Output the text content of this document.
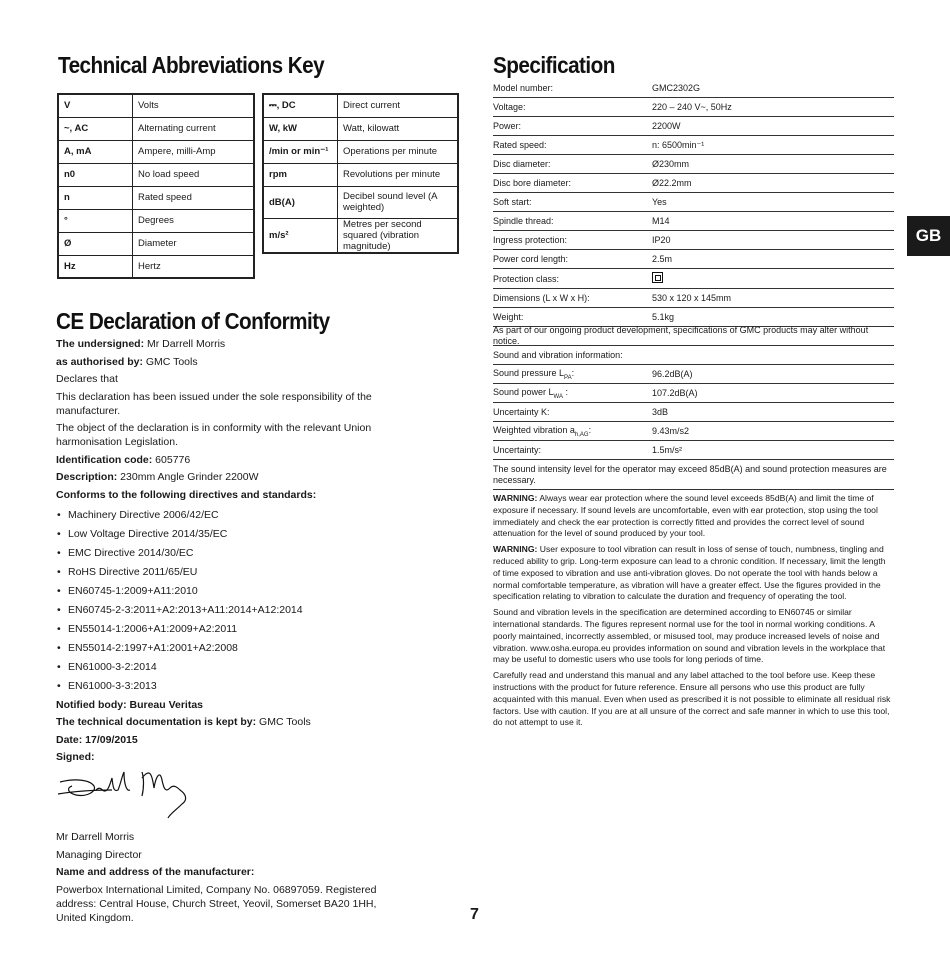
Technical Abbreviations Key
CE Declaration of Conformity
Specification
V	Volts
~, AC	Alternating current
A, mA	Ampere, milli-Amp
n0	No load speed
n	Rated speed
°	Degrees
Ø	Diameter
Hz	Hertz
⎓, DC	Direct current
W, kW	Watt, kilowatt
/min or min⁻¹	Operations per minute
rpm	Revolutions per minute
dB(A)	Decibel sound level (A weighted)
m/s²	Metres per second squared (vibration magnitude)

The undersigned: Mr Darrell Morris

as authorised by: GMC Tools

Declares that

This declaration has been issued under the sole responsibility of the manufacturer.

The object of the declaration is in conformity with the relevant Union harmonisation Legislation.

Identification code: 605776

Description: 230mm Angle Grinder 2200W

Conforms to the following directives and standards:

• Machinery Directive 2006/42/EC
• Low Voltage Directive 2014/35/EC
• EMC Directive 2014/30/EC
• RoHS Directive 2011/65/EU
• EN60745-1:2009+A11:2010
• EN60745-2-3:2011+A2:2013+A11:2014+A12:2014
• EN55014-1:2006+A1:2009+A2:2011
• EN55014-2:1997+A1:2001+A2:2008
• EN61000-3-2:2014
• EN61000-3-3:2013

Notified body: Bureau Veritas

The technical documentation is kept by: GMC Tools

Date: 17/09/2015

Signed:

Mr Darrell Morris

Managing Director

Name and address of the manufacturer:

Powerbox International Limited, Company No. 06897059. Registered address: Central House, Church Street, Yeovil, Somerset BA20 1HH, United Kingdom.

Model number:	GMC2302G
Voltage:	220 – 240 V~, 50Hz
Power:	2200W
Rated speed:	n: 6500min⁻¹
Disc diameter:	Ø230mm
Disc bore diameter:	Ø22.2mm
Soft start:	Yes
Spindle thread:	M14
Ingress protection:	IP20
Power cord length:	2.5m
Protection class:
Dimensions (L x W x H):	530 x 120 x 145mm
Weight:	5.1kg
As part of our ongoing product development, specifications of GMC products may alter without notice.
Sound and vibration information:
Sound pressure $L_{PA}$:	96.2dB(A)
Sound power $L_{WA}$ :	107.2dB(A)
Uncertainty K:	3dB
Weighted vibration $a_{h,AG}$:	9.43m/s2
Uncertainty:	1.5m/s²
The sound intensity level for the operator may exceed 85dB(A) and sound protection measures are necessary.

WARNING: Always wear ear protection where the sound level exceeds 85dB(A) and limit the time of exposure if necessary. If sound levels are uncomfortable, even with ear protection, stop using the tool immediately and check the ear protection is correctly fitted and provides the correct level of sound attenuation for the level of sound produced by your tool.

WARNING: User exposure to tool vibration can result in loss of sense of touch, numbness, tingling and reduced ability to grip. Long-term exposure can lead to a chronic condition. If necessary, limit the length of time exposed to vibration and use anti-vibration gloves. Do not operate the tool with hands below a normal comfortable temperature, as vibration will have a greater effect. Use the figures provided in the specification relating to vibration to calculate the duration and frequency of operating the tool.

Sound and vibration levels in the specification are determined according to EN60745 or similar international standards. The figures represent normal use for the tool in normal working conditions. A poorly maintained, incorrectly assembled, or misused tool, may produce increased levels of noise and vibration. www.osha.europa.eu provides information on sound and vibration levels in the workplace that may be useful to domestic users who use tools for long periods of time.

Carefully read and understand this manual and any label attached to the tool before use. Keep these instructions with the product for future reference. Ensure all persons who use this product are fully acquainted with this manual. Even when used as prescribed it is not possible to eliminate all residual risk factors. Use with caution. If you are at all unsure of the correct and safe manner in which to use this tool, do not attempt to use it.

GB
7
